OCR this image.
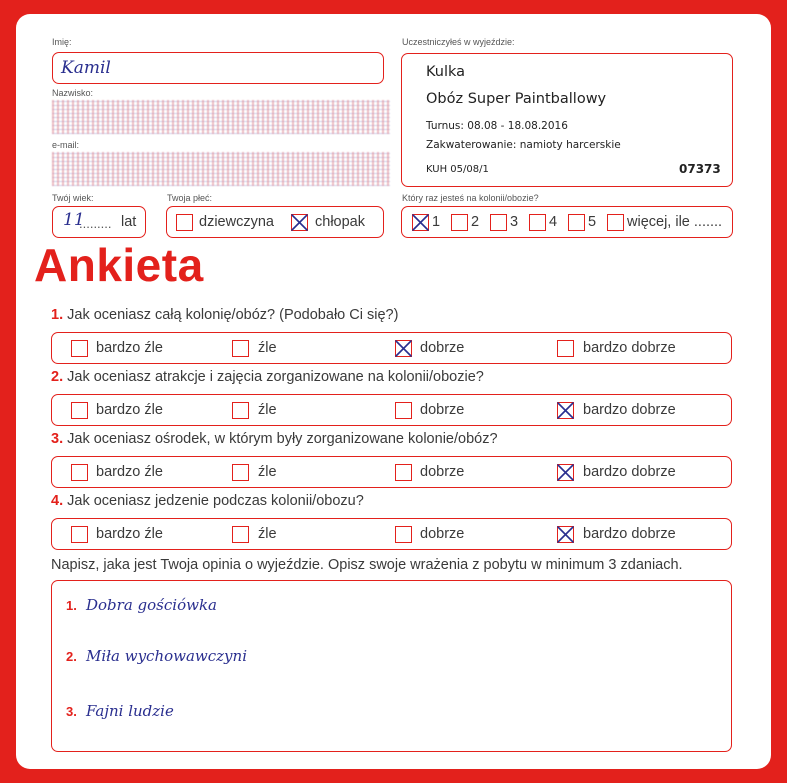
Imię:
Kamil
Nazwisko:
e-mail:
Twój wiek:
11
......... lat
Twoja płeć:
dziewczyna	chłopak
Uczestniczyłeś w wyjeździe:
Kulka
Obóz Super Paintballowy
Turnus: 08.08 - 18.08.2016
Zakwaterowanie: namioty harcerskie
KUH 05/08/1	07373
Który raz jesteś na kolonii/obozie?
1 2 3 4 5 więcej, ile .......
Ankieta
1. Jak oceniasz całą kolonię/obóz? (Podobało Ci się?)
bardzo źle	źle	dobrze	bardzo dobrze
2. Jak oceniasz atrakcje i zajęcia zorganizowane na kolonii/obozie?
bardzo źle	źle	dobrze	bardzo dobrze
3. Jak oceniasz ośrodek, w którym były zorganizowane kolonie/obóz?
bardzo źle	źle	dobrze	bardzo dobrze
4. Jak oceniasz jedzenie podczas kolonii/obozu?
bardzo źle	źle	dobrze	bardzo dobrze
Napisz, jaka jest Twoja opinia o wyjeździe. Opisz swoje wrażenia z pobytu w minimum 3 zdaniach.
1. Dobra gościówka
2. Miła wychowawczyni
3. Fajni ludzie
